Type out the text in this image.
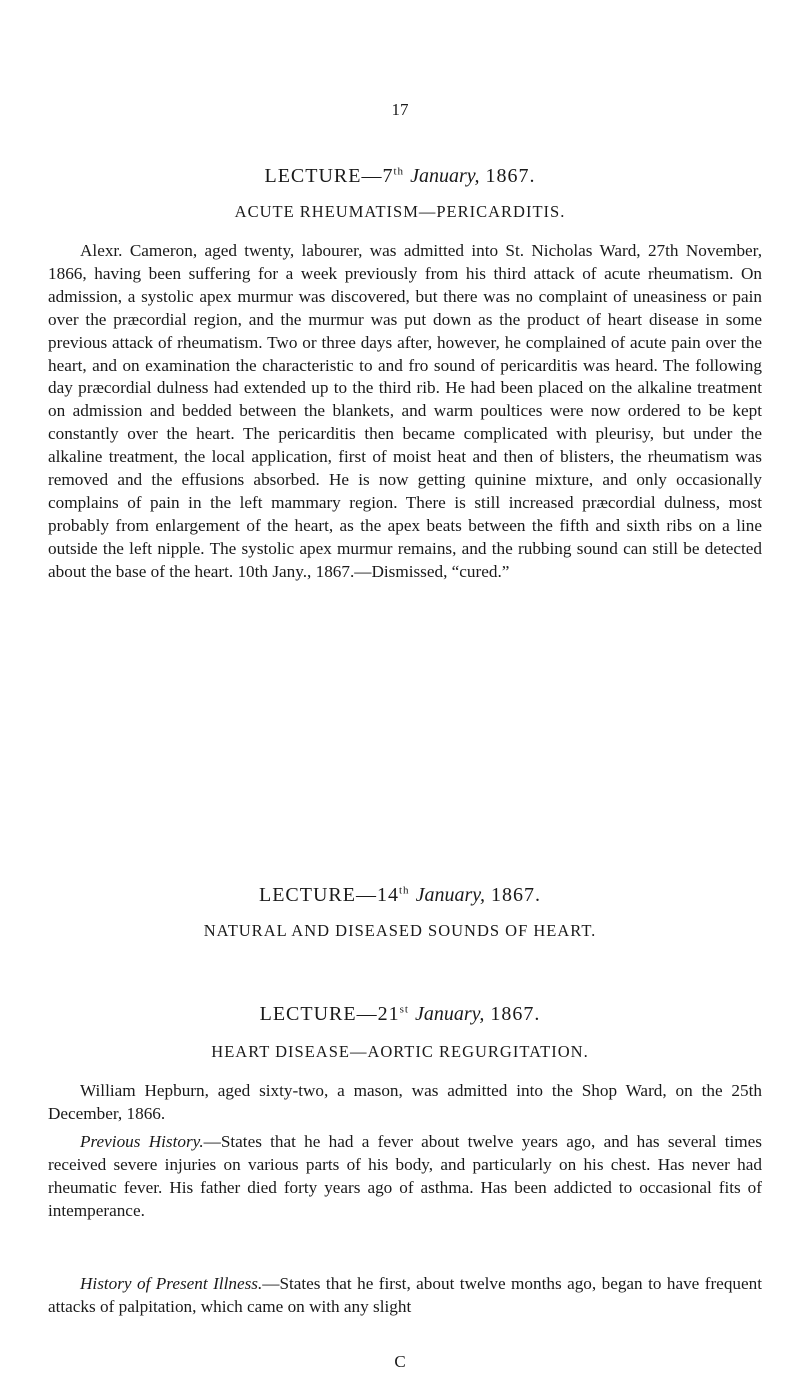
17
LECTURE—7th January, 1867.
ACUTE RHEUMATISM—PERICARDITIS.

Alexr. Cameron, aged twenty, labourer, was admitted into St. Nicholas Ward, 27th November, 1866, having been suffering for a week previously from his third attack of acute rheumatism. On admission, a systolic apex murmur was discovered, but there was no complaint of uneasiness or pain over the præcordial region, and the murmur was put down as the product of heart disease in some previous attack of rheumatism. Two or three days after, however, he complained of acute pain over the heart, and on examination the characteristic to and fro sound of pericarditis was heard. The following day præcordial dulness had extended up to the third rib. He had been placed on the alkaline treatment on admission and bedded between the blankets, and warm poultices were now ordered to be kept constantly over the heart. The pericarditis then became complicated with pleurisy, but under the alkaline treatment, the local application, first of moist heat and then of blisters, the rheumatism was removed and the effusions absorbed. He is now getting quinine mixture, and only occasionally complains of pain in the left mammary region. There is still increased præcordial dulness, most probably from enlargement of the heart, as the apex beats between the fifth and sixth ribs on a line outside the left nipple. The systolic apex murmur remains, and the rubbing sound can still be detected about the base of the heart. 10th Jany., 1867.—Dismissed, “cured.”

LECTURE—14th January, 1867.
NATURAL AND DISEASED SOUNDS OF HEART.
LECTURE—21st January, 1867.
HEART DISEASE—AORTIC REGURGITATION.

William Hepburn, aged sixty-two, a mason, was admitted into the Shop Ward, on the 25th December, 1866.

Previous History.—States that he had a fever about twelve years ago, and has several times received severe injuries on various parts of his body, and particularly on his chest. Has never had rheumatic fever. His father died forty years ago of asthma. Has been addicted to occasional fits of intemperance.

History of Present Illness.—States that he first, about twelve months ago, began to have frequent attacks of palpitation, which came on with any slight

C
